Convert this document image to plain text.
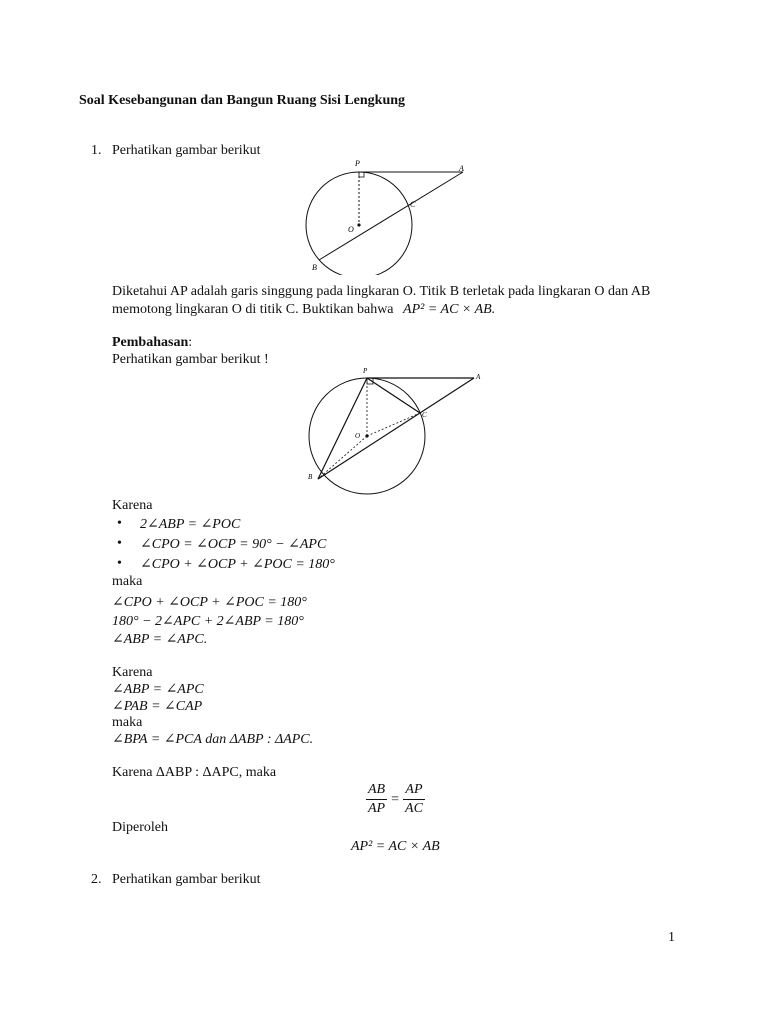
Soal Kesebangunan dan Bangun Ruang Sisi Lengkung
1. Perhatikan gambar berikut
P
A
C
O
B
Diketahui AP adalah garis singgung pada lingkaran O. Titik B terletak pada lingkaran O dan AB
memotong lingkaran O di titik C. Buktikan bahwa AP² = AC × AB.
Pembahasan:
Perhatikan gambar berikut !
P
A
C
O
B
Karena
• 2∠ABP = ∠POC
• ∠CPO = ∠OCP = 90° − ∠APC
• ∠CPO + ∠OCP + ∠POC = 180°
maka
∠CPO + ∠OCP + ∠POC = 180°
180° − 2∠APC + 2∠ABP = 180°
∠ABP = ∠APC.
Karena
∠ABP = ∠APC
∠PAB = ∠CAP
maka
∠BPA = ∠PCA dan ΔABP : ΔAPC.
Karena ΔABP : ΔAPC, maka
$\frac{AB}{AP} = \frac{AP}{AC}$
Diperoleh
AP² = AC × AB
2. Perhatikan gambar berikut
1
